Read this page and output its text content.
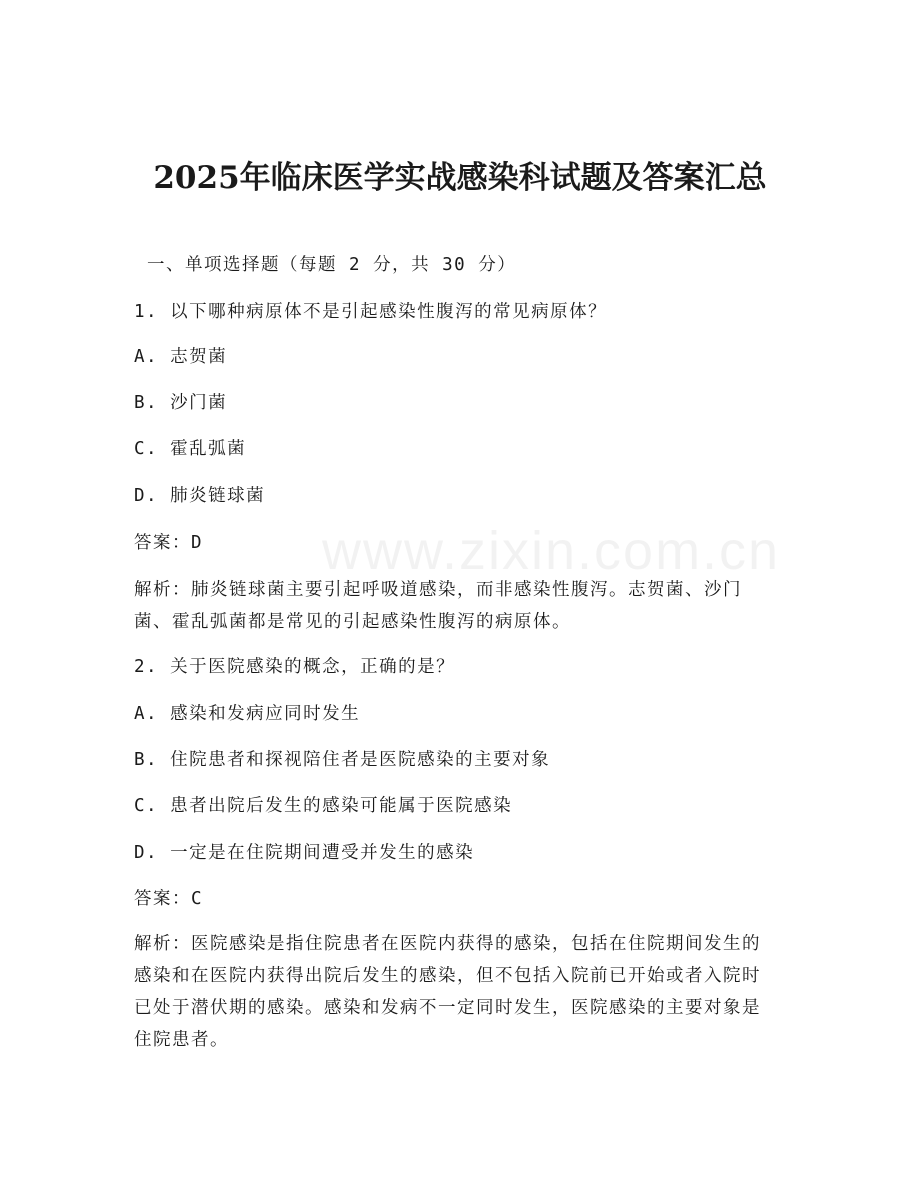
www.zixin.com.cn
2025年临床医学实战感染科试题及答案汇总
一、单项选择题（每题 2 分，共 30 分）
1. 以下哪种病原体不是引起感染性腹泻的常见病原体？
A. 志贺菌
B. 沙门菌
C. 霍乱弧菌
D. 肺炎链球菌
答案：D
解析：肺炎链球菌主要引起呼吸道感染，而非感染性腹泻。志贺菌、沙门菌、霍乱弧菌都是常见的引起感染性腹泻的病原体。
2. 关于医院感染的概念，正确的是？
A. 感染和发病应同时发生
B. 住院患者和探视陪住者是医院感染的主要对象
C. 患者出院后发生的感染可能属于医院感染
D. 一定是在住院期间遭受并发生的感染
答案：C
解析：医院感染是指住院患者在医院内获得的感染，包括在住院期间发生的感染和在医院内获得出院后发生的感染，但不包括入院前已开始或者入院时已处于潜伏期的感染。感染和发病不一定同时发生，医院感染的主要对象是住院患者。
